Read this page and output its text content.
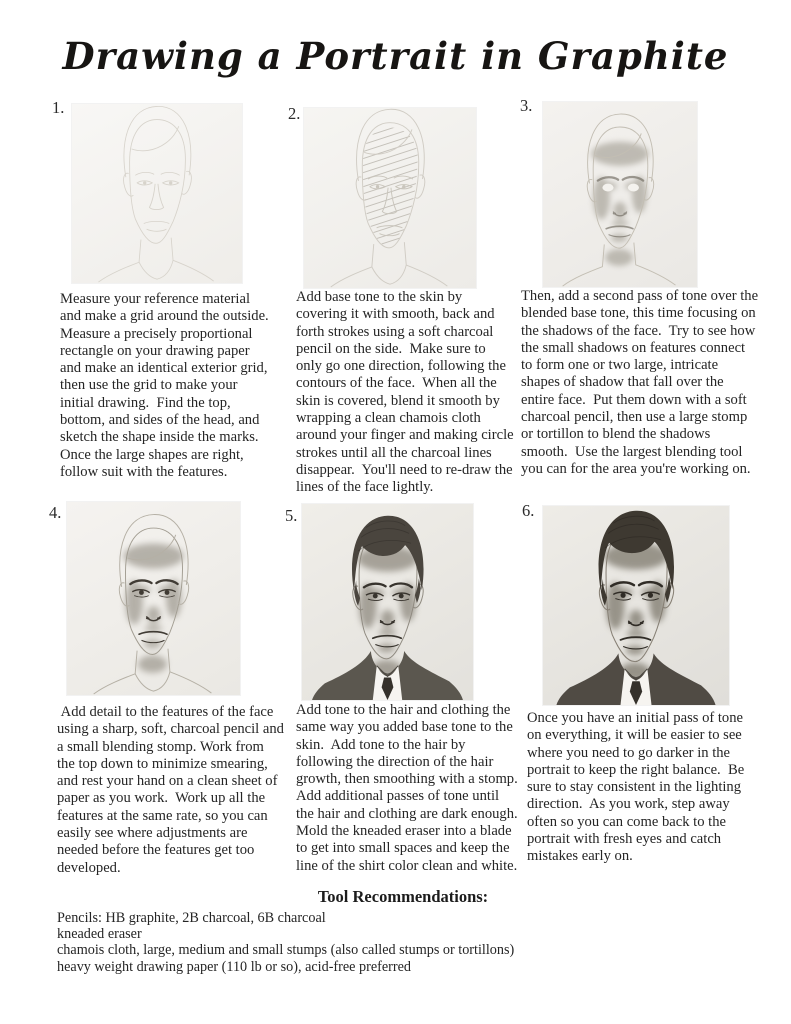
Drawing a Portrait in Graphite
1.	2.	3.
4.	5.	6.
Measure your reference material and make a grid around the outside.  Measure a precisely proportional rectangle on your drawing paper and make an identical exterior grid, then use the grid to make your initial drawing.  Find the top, bottom, and sides of the head, and sketch the shape inside the marks.  Once the large shapes are right, follow suit with the features.
Add base tone to the skin by covering it with smooth, back and forth strokes using a soft charcoal pencil on the side.  Make sure to only go one direction, following the contours of the face.  When all the skin is covered, blend it smooth by wrapping a clean chamois cloth around your finger and making circle strokes until all the charcoal lines disappear.  You'll need to re-draw the lines of the face lightly.
Then, add a second pass of tone over the blended base tone, this time focusing on the shadows of the face.  Try to see how the small shadows on features connect to form one or two large, intricate shapes of shadow that fall over the entire face.  Put them down with a soft charcoal pencil, then use a large stomp or tortillon to blend the shadows smooth.  Use the largest blending tool you can for the area you're working on.
Add detail to the features of the face using a sharp, soft, charcoal pencil and a small blending stomp. Work from the top down to minimize smearing, and rest your hand on a clean sheet of paper as you work.  Work up all the features at the same rate, so you can easily see where adjustments are needed before the features get too developed.
Add tone to the hair and clothing the same way you added base tone to the skin.  Add tone to the hair by following the direction of the hair growth, then smoothing with a stomp.  Add additional passes of tone until the hair and clothing are dark enough.  Mold the kneaded eraser into a blade to get into small spaces and keep the line of the shirt color clean and white.
Once you have an initial pass of tone on everything, it will be easier to see where you need to go darker in the portrait to keep the right balance.  Be sure to stay consistent in the lighting direction.  As you work, step away often so you can come back to the portrait with fresh eyes and catch mistakes early on.
Tool Recommendations:
Pencils: HB graphite, 2B charcoal, 6B charcoal
kneaded eraser
chamois cloth, large, medium and small stumps (also called stumps or tortillons)
heavy weight drawing paper (110 lb or so), acid-free preferred
